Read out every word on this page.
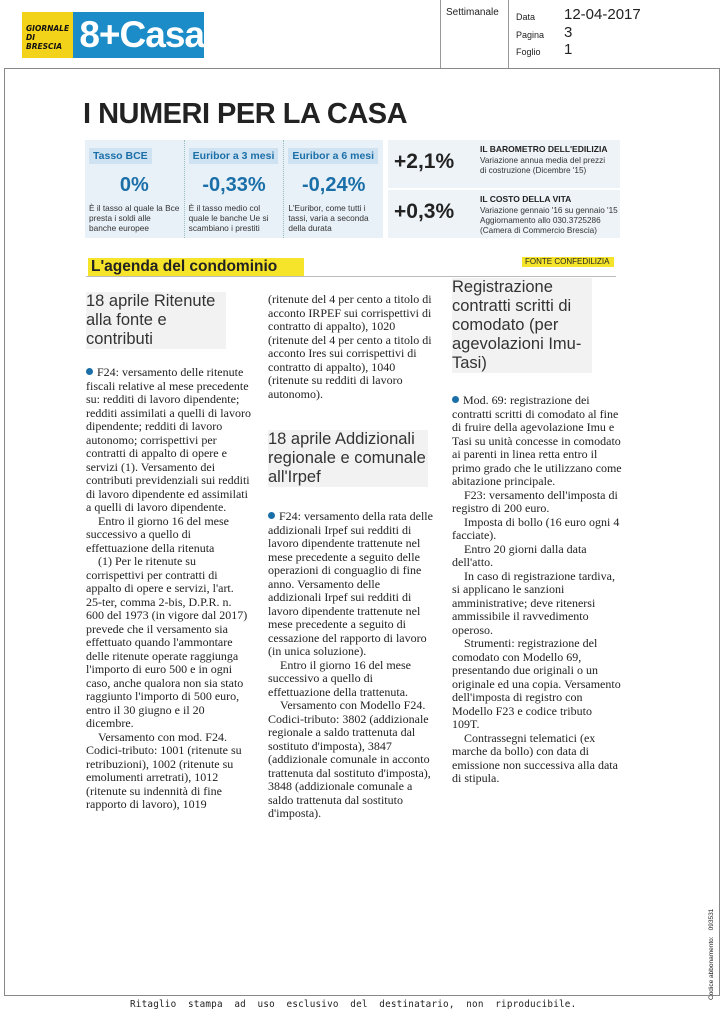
GIORNALE DI BRESCIA 8+Casa
Settimanale Data	12-04-2017
Pagina	3
Foglio	1
I NUMERI PER LA CASA
Tasso BCE
0%
È il tasso al quale la Bce presta i soldi alle banche europee
Euribor a 3 mesi
-0,33%
È il tasso medio col quale le banche Ue si scambiano i prestiti
Euribor a 6 mesi
-0,24%
L'Euribor, come tutti i tassi, varia a seconda della durata
+2,1%
IL BAROMETRO DELL'EDILIZIA
Variazione annua media del prezzi di costruzione (Dicembre '15)
+0,3%
IL COSTO DELLA VITA
Variazione gennaio '16 su gennaio '15
Aggiornamento allo 030.3725286
(Camera di Commercio Brescia)
L'agenda del condominio	FONTE CONFEDILIZIA
18 aprile Ritenute alla fonte e contributi

F24: versamento delle ritenute fiscali relative al mese precedente su: redditi di lavoro dipendente; redditi assimilati a quelli di lavoro dipendente; redditi di lavoro autonomo; corrispettivi per contratti di appalto di opere e servizi (1). Versamento dei contributi previdenziali sui redditi di lavoro dipendente ed assimilati a quelli di lavoro dipendente.

Entro il giorno 16 del mese successivo a quello di effettuazione della ritenuta

(1) Per le ritenute su corrispettivi per contratti di appalto di opere e servizi, l'art. 25-ter, comma 2-bis, D.P.R. n. 600 del 1973 (in vigore dal 2017) prevede che il versamento sia effettuato quando l'ammontare delle ritenute operate raggiunga l'importo di euro 500 e in ogni caso, anche qualora non sia stato raggiunto l'importo di 500 euro, entro il 30 giugno e il 20 dicembre.

Versamento con mod. F24. Codici-tributo: 1001 (ritenute su retribuzioni), 1002 (ritenute su emolumenti arretrati), 1012 (ritenute su indennità di fine rapporto di lavoro), 1019

(ritenute del 4 per cento a titolo di acconto IRPEF sui corrispettivi di contratto di appalto), 1020 (ritenute del 4 per cento a titolo di acconto Ires sui corrispettivi di contratto di appalto), 1040 (ritenute su redditi di lavoro autonomo).

18 aprile Addizionali regionale e comunale all'Irpef

F24: versamento della rata delle addizionali Irpef sui redditi di lavoro dipendente trattenute nel mese precedente a seguito delle operazioni di conguaglio di fine anno. Versamento delle addizionali Irpef sui redditi di lavoro dipendente trattenute nel mese precedente a seguito di cessazione del rapporto di lavoro (in unica soluzione).

Entro il giorno 16 del mese successivo a quello di effettuazione della trattenuta.

Versamento con Modello F24. Codici-tributo: 3802 (addizionale regionale a saldo trattenuta dal sostituto d'imposta), 3847 (addizionale comunale in acconto trattenuta dal sostituto d'imposta), 3848 (addizionale comunale a saldo trattenuta dal sostituto d'imposta).

Registrazione contratti scritti di comodato (per agevolazioni Imu-Tasi)

Mod. 69: registrazione dei contratti scritti di comodato al fine di fruire della agevolazione Imu e Tasi su unità concesse in comodato ai parenti in linea retta entro il primo grado che le utilizzano come abitazione principale.

F23: versamento dell'imposta di registro di 200 euro.

Imposta di bollo (16 euro ogni 4 facciate).

Entro 20 giorni dalla data dell'atto.

In caso di registrazione tardiva, si applicano le sanzioni amministrative; deve ritenersi ammissibile il ravvedimento operoso.

Strumenti: registrazione del comodato con Modello 69, presentando due originali o un originale ed una copia. Versamento dell'imposta di registro con Modello F23 e codice tributo 109T.

Contrassegni telematici (ex marche da bollo) con data di emissione non successiva alla data di stipula.

Ritaglio  stampa  ad  uso  esclusivo  del  destinatario,  non  riproducibile.
Codice abbonamento:093531
